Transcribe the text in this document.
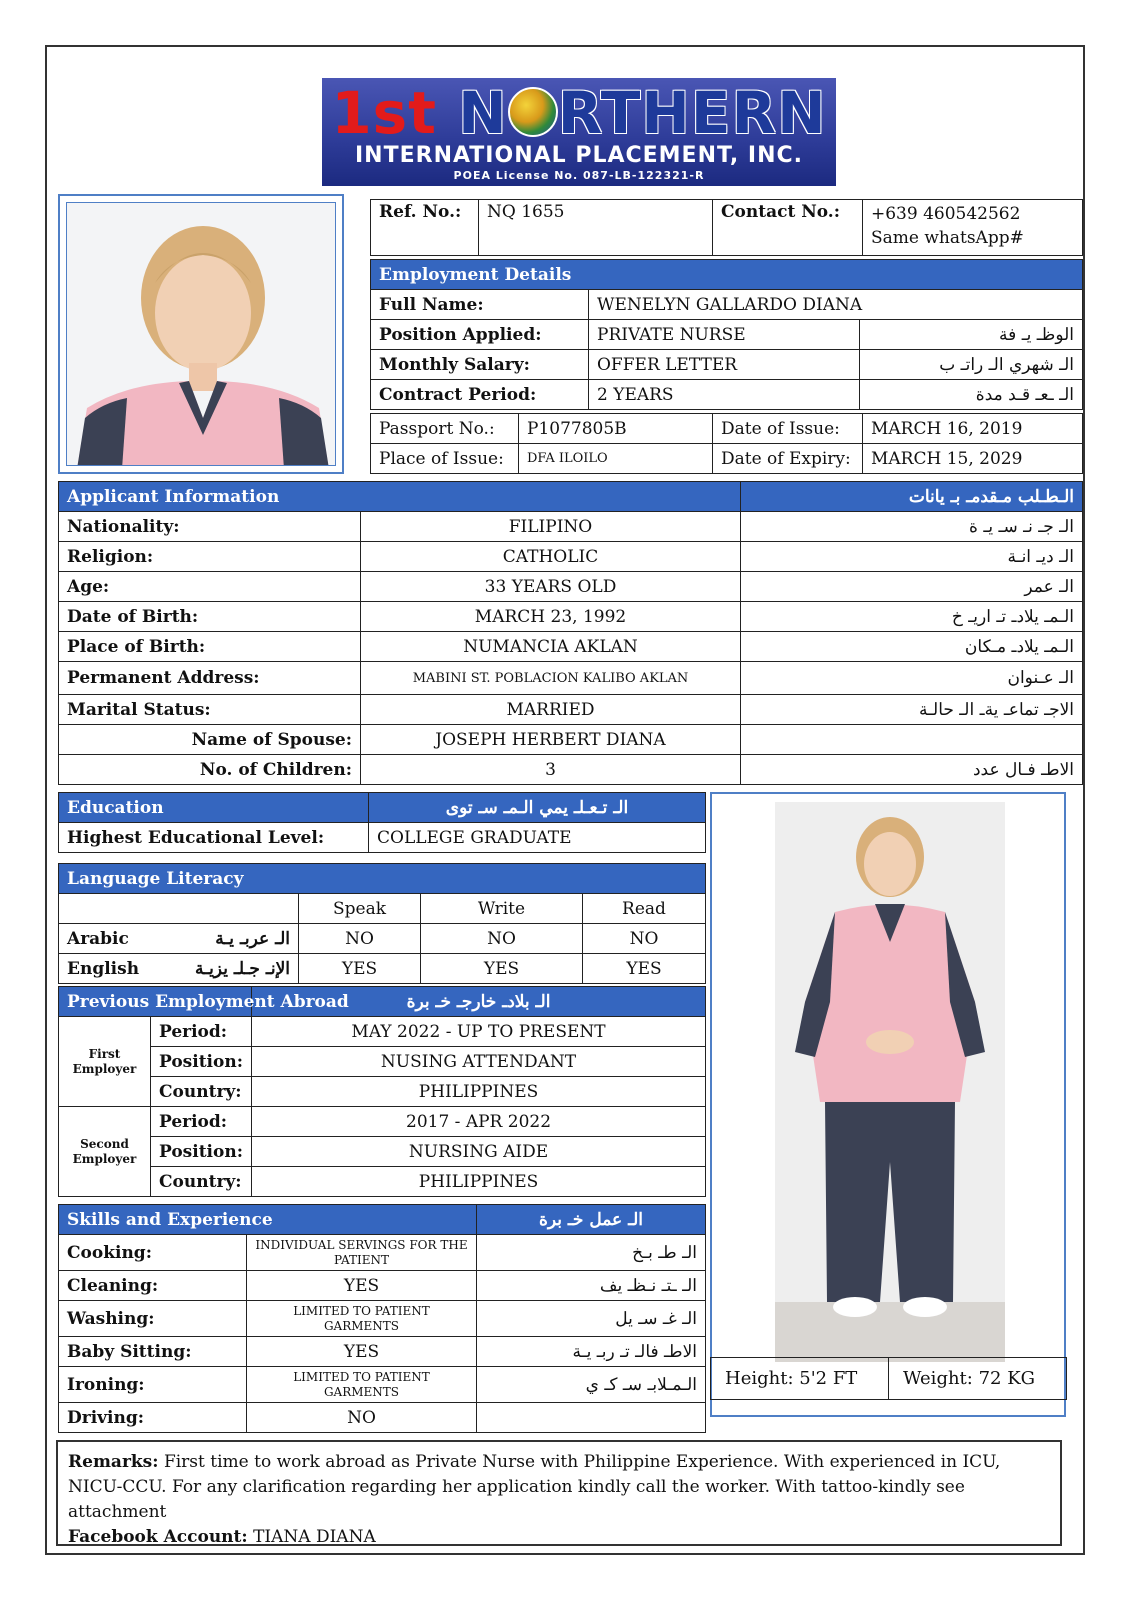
1st N RTHERN
INTERNATIONAL PLACEMENT, INC.
POEA License No. 087-LB-122321-R
Ref. No.:	NQ 1655	Contact No.:	+639 460542562
Same whatsApp#
Employment Details		
Full Name:	WENELYN GALLARDO DIANA	
Position Applied:	PRIVATE NURSE	الوظـ يـ فة
Monthly Salary:	OFFER LETTER	الـ شهري الـ راتـ ب
Contract Period:	2 YEARS	الـ ـعـ قـد مدة
Passport No.:	P1077805B	Date of Issue:	MARCH 16, 2019
Place of Issue:	DFA ILOILO	Date of Expiry:	MARCH 15, 2029
Applicant Information		الـطـلب مـقدمـ بـ يانات
Nationality:	FILIPINO	الـ جـ نـ سـ يـ ة
Religion:	CATHOLIC	الـ ديـ انـة
Age:	33 YEARS OLD	الـ عمر
Date of Birth:	MARCH 23, 1992	الـمـ يلادـ تـ اريـ خ
Place of Birth:	NUMANCIA AKLAN	الـمـ يلادـ مـكان
Permanent Address:	MABINI ST. POBLACION KALIBO AKLAN	الـ عـنوان
Marital Status:	MARRIED	الاجـ تماعـ يةـ الـ حالـة
Name of Spouse:	JOSEPH HERBERT DIANA	
No. of Children:	3	الاطـ فـال عدد
Education	الـ تـعـلـ يمي الـمـ سـ توى
Highest Educational Level:	COLLEGE GRADUATE
Language Literacy			
	Speak	Write	Read
Arabic الـ عربـ يـة	NO	NO	NO
English الإنـ جـلـ يزيـة	YES	YES	YES
Previous Employment Abroad		الـ بلادـ خارجـ خـ برة
First
Employer	Period:	MAY 2022 - UP TO PRESENT
	Position:	NUSING ATTENDANT
	Country:	PHILIPPINES
Second
Employer	Period:	2017 - APR 2022
	Position:	NURSING AIDE
	Country:	PHILIPPINES
Skills and Experience		الـ عمل خـ برة
Cooking:	INDIVIDUAL SERVINGS FOR THE PATIENT	الـ طـ بـخ
Cleaning:	YES	الـ ـتـ نـظـ يف
Washing:	LIMITED TO PATIENT GARMENTS	الـ غـ سـ يل
Baby Sitting:	YES	الاطـ فالـ تـ ربـ يـة
Ironing:	LIMITED TO PATIENT GARMENTS	الـمـلابـ سـ كـ ي
Driving:	NO	
Height: 5'2 FT	Weight: 72 KG
Remarks: First time to work abroad as Private Nurse with Philippine Experience. With experienced in ICU, NICU-CCU. For any clarification regarding her application kindly call the worker. With tattoo-kindly see attachment
Facebook Account: TIANA DIANA
